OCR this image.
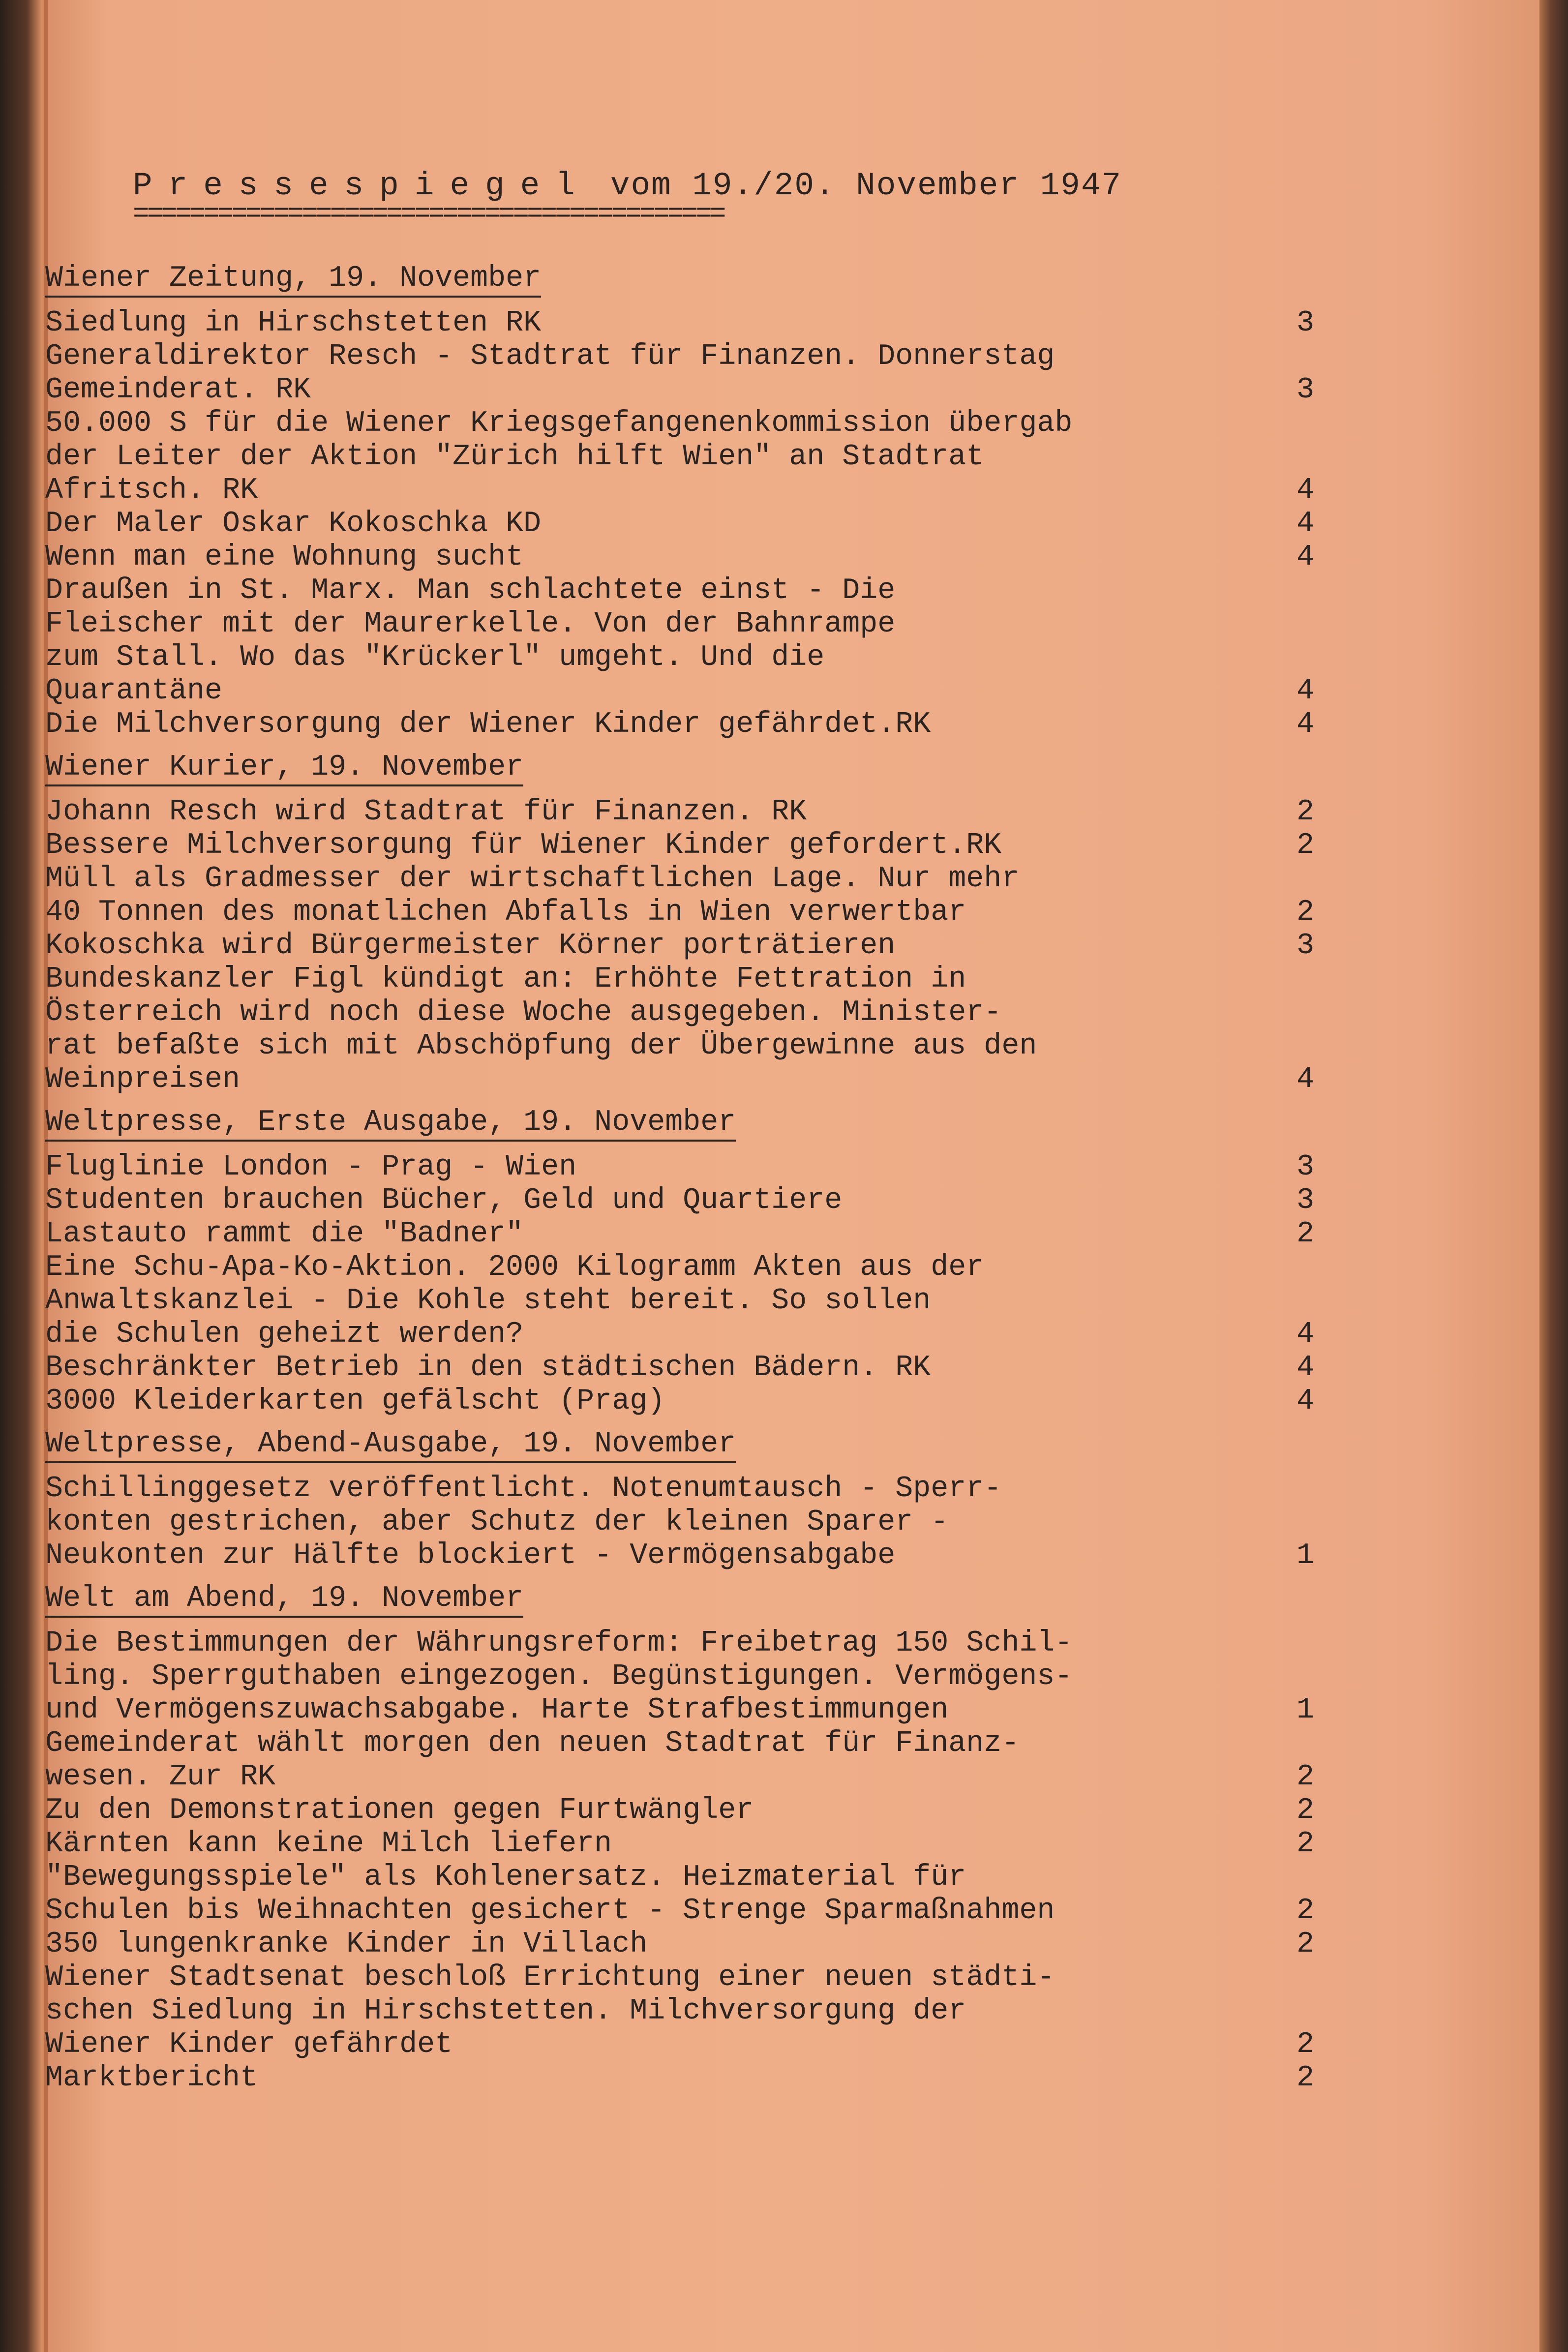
Pressespiegel vom 19./20. November 1947
==========================================
Wiener Zeitung, 19. November
Siedlung in Hirschstetten RK	3
Generaldirektor Resch - Stadtrat für Finanzen. Donnerstag
Gemeinderat. RK	3
50.000 S für die Wiener Kriegsgefangenenkommission übergab
der Leiter der Aktion "Zürich hilft Wien" an Stadtrat
Afritsch. RK	4
Der Maler Oskar Kokoschka KD	4
Wenn man eine Wohnung sucht	4
Draußen in St. Marx. Man schlachtete einst - Die
Fleischer mit der Maurerkelle. Von der Bahnrampe
zum Stall. Wo das "Krückerl" umgeht. Und die
Quarantäne	4
Die Milchversorgung der Wiener Kinder gefährdet.RK	4
Wiener Kurier, 19. November
Johann Resch wird Stadtrat für Finanzen. RK	2
Bessere Milchversorgung für Wiener Kinder gefordert.RK	2
Müll als Gradmesser der wirtschaftlichen Lage. Nur mehr
40 Tonnen des monatlichen Abfalls in Wien verwertbar	2
Kokoschka wird Bürgermeister Körner porträtieren	3
Bundeskanzler Figl kündigt an: Erhöhte Fettration in
Österreich wird noch diese Woche ausgegeben. Minister-
rat befaßte sich mit Abschöpfung der Übergewinne aus den
Weinpreisen	4
Weltpresse, Erste Ausgabe, 19. November
Fluglinie London - Prag - Wien	3
Studenten brauchen Bücher, Geld und Quartiere	3
Lastauto rammt die "Badner"	2
Eine Schu-Apa-Ko-Aktion. 2000 Kilogramm Akten aus der
Anwaltskanzlei - Die Kohle steht bereit. So sollen
die Schulen geheizt werden?	4
Beschränkter Betrieb in den städtischen Bädern. RK	4
3000 Kleiderkarten gefälscht (Prag)	4
Weltpresse, Abend-Ausgabe, 19. November
Schillinggesetz veröffentlicht. Notenumtausch - Sperr-
konten gestrichen, aber Schutz der kleinen Sparer -
Neukonten zur Hälfte blockiert - Vermögensabgabe	1
Welt am Abend, 19. November
Die Bestimmungen der Währungsreform: Freibetrag 150 Schil-
ling. Sperrguthaben eingezogen. Begünstigungen. Vermögens-
und Vermögenszuwachsabgabe. Harte Strafbestimmungen	1
Gemeinderat wählt morgen den neuen Stadtrat für Finanz-
wesen. Zur RK	2
Zu den Demonstrationen gegen Furtwängler	2
Kärnten kann keine Milch liefern	2
"Bewegungsspiele" als Kohlenersatz. Heizmaterial für
Schulen bis Weihnachten gesichert - Strenge Sparmaßnahmen	2
350 lungenkranke Kinder in Villach	2
Wiener Stadtsenat beschloß Errichtung einer neuen städti-
schen Siedlung in Hirschstetten. Milchversorgung der
Wiener Kinder gefährdet	2
Marktbericht	2
